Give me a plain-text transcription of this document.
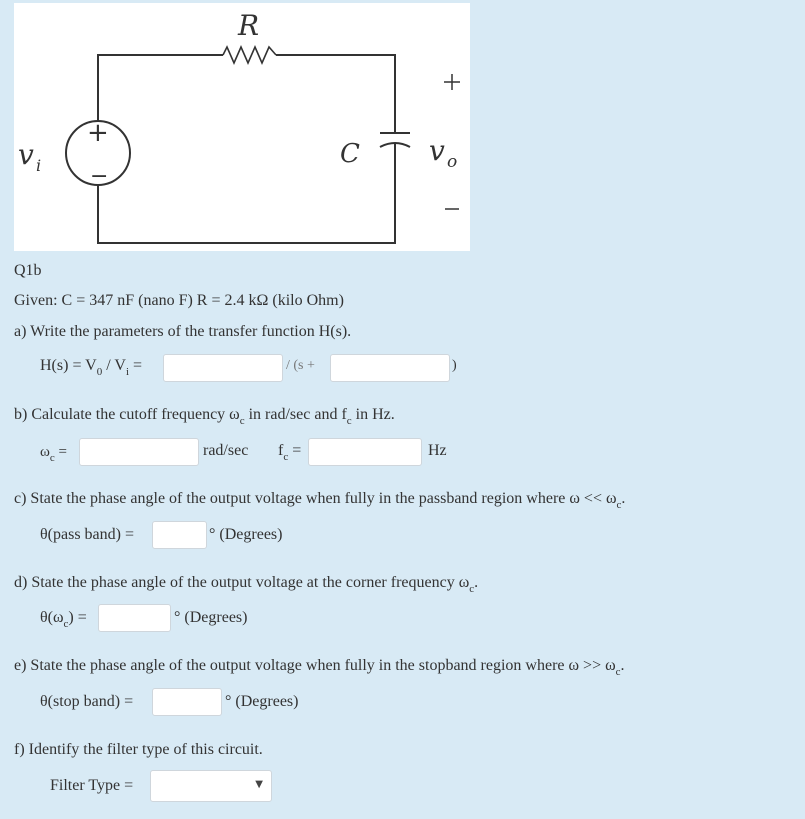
R
C
+
−
v i	v o
Q1b
Given: C = 347 nF (nano F) R = 2.4 kΩ (kilo Ohm)
a) Write the parameters of the transfer function H(s).
$H(s) = V_0 / V_i$ =	/ (s +	)
b) Calculate the cutoff frequency $\omega_c$ in rad/sec and $f_c$ in Hz.
$\omega_c$ =	rad/sec $f_c$ =	Hz
c) State the phase angle of the output voltage when fully in the passband region where $\omega << \omega_c$.
θ(pass band) =	° (Degrees)
d) State the phase angle of the output voltage at the corner frequency $\omega_c$.
$\theta(\omega_c)$ =	° (Degrees)
e) State the phase angle of the output voltage when fully in the stopband region where $\omega >> \omega_c$.
θ(stop band) =	° (Degrees)
f) Identify the filter type of this circuit.
Filter Type =	▼
